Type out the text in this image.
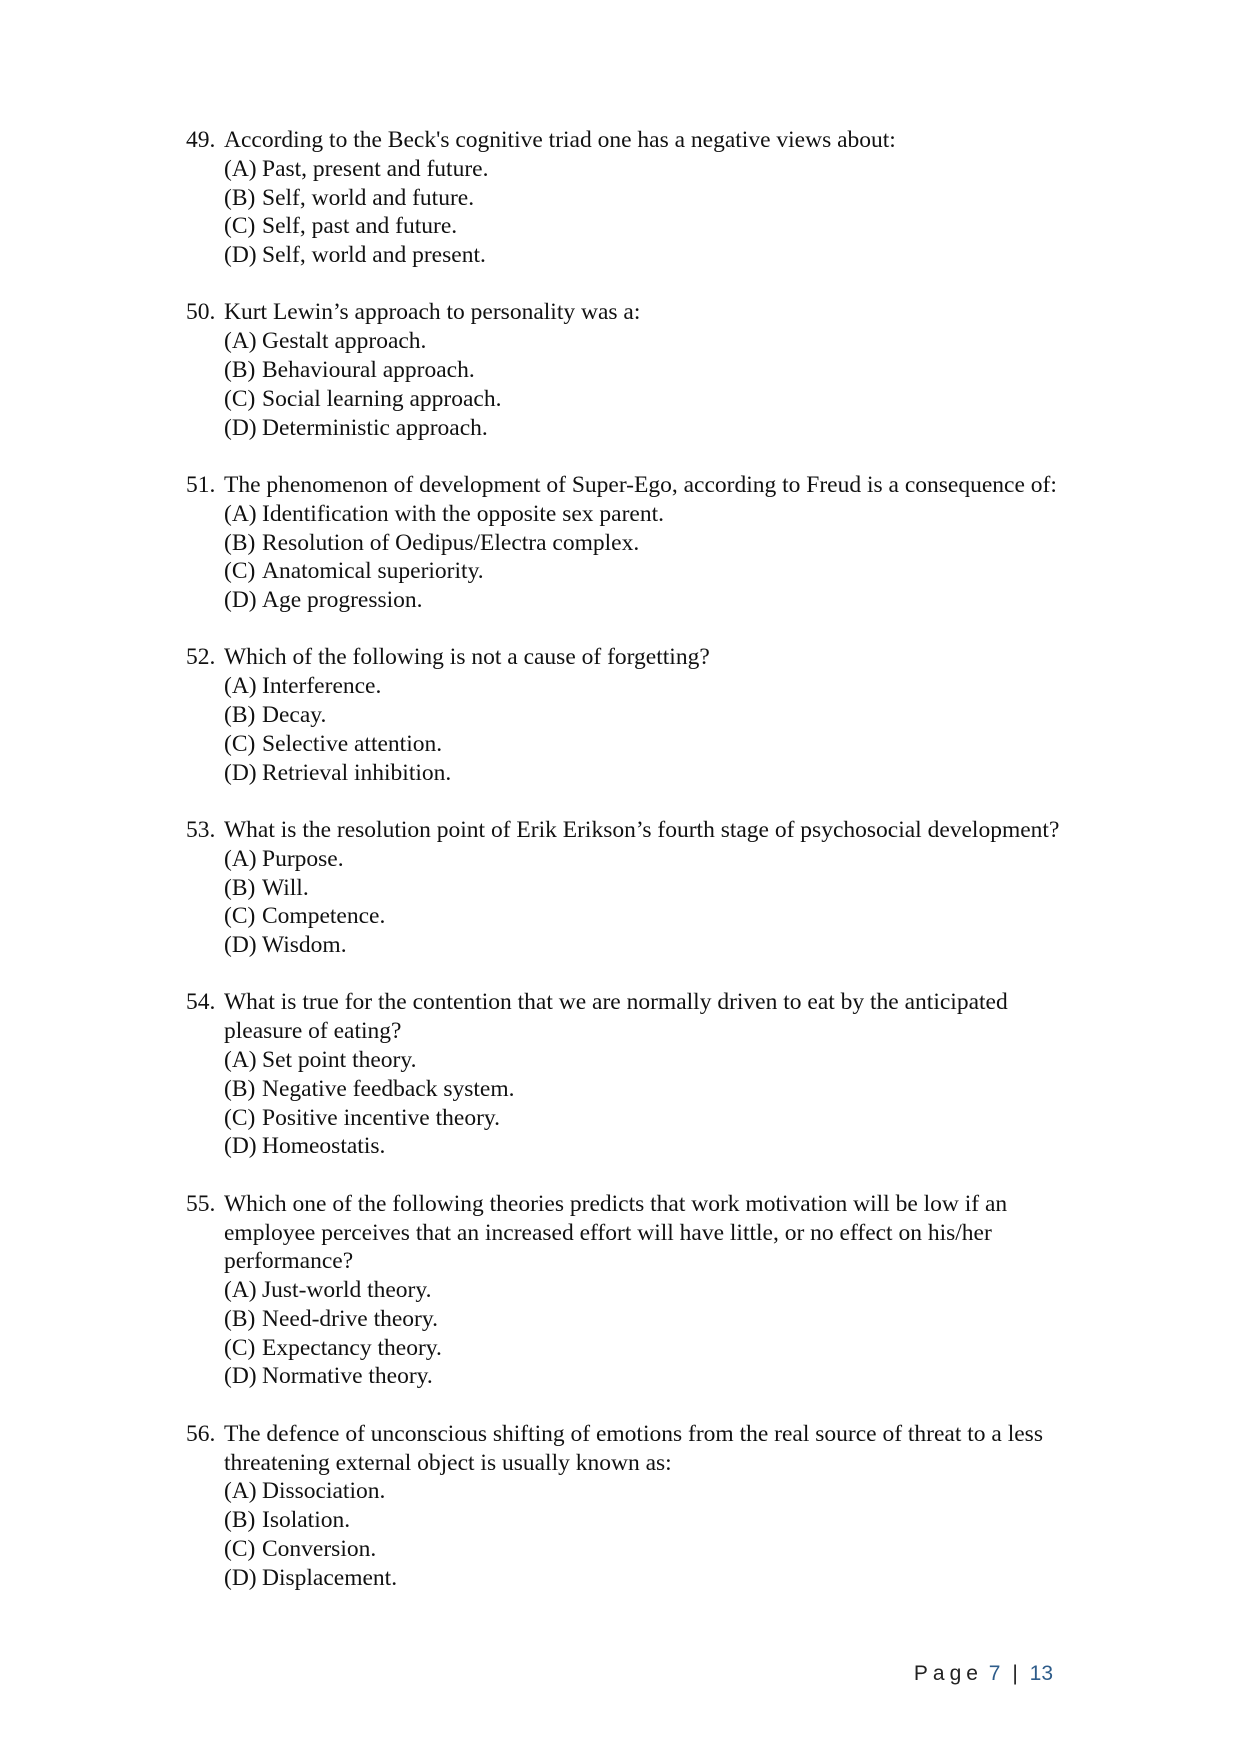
49. According to the Beck's cognitive triad one has a negative views about:
(A) Past, present and future.
(B) Self, world and future.
(C) Self, past and future.
(D) Self, world and present.
50. Kurt Lewin’s approach to personality was a:
(A) Gestalt approach.
(B) Behavioural approach.
(C) Social learning approach.
(D) Deterministic approach.
51. The phenomenon of development of Super-Ego, according to Freud is a consequence of:
(A) Identification with the opposite sex parent.
(B) Resolution of Oedipus/Electra complex.
(C) Anatomical superiority.
(D) Age progression.
52. Which of the following is not a cause of forgetting?
(A) Interference.
(B) Decay.
(C) Selective attention.
(D) Retrieval inhibition.
53. What is the resolution point of Erik Erikson’s fourth stage of psychosocial development?
(A) Purpose.
(B) Will.
(C) Competence.
(D) Wisdom.
54. What is true for the contention that we are normally driven to eat by the anticipated pleasure of eating?
(A) Set point theory.
(B) Negative feedback system.
(C) Positive incentive theory.
(D) Homeostatis.
55. Which one of the following theories predicts that work motivation will be low if an employee perceives that an increased effort will have little, or no effect on his/her performance?
(A) Just-world theory.
(B) Need-drive theory.
(C) Expectancy theory.
(D) Normative theory.
56. The defence of unconscious shifting of emotions from the real source of threat to a less threatening external object is usually known as:
(A) Dissociation.
(B) Isolation.
(C) Conversion.
(D) Displacement.
Page 7 | 13
